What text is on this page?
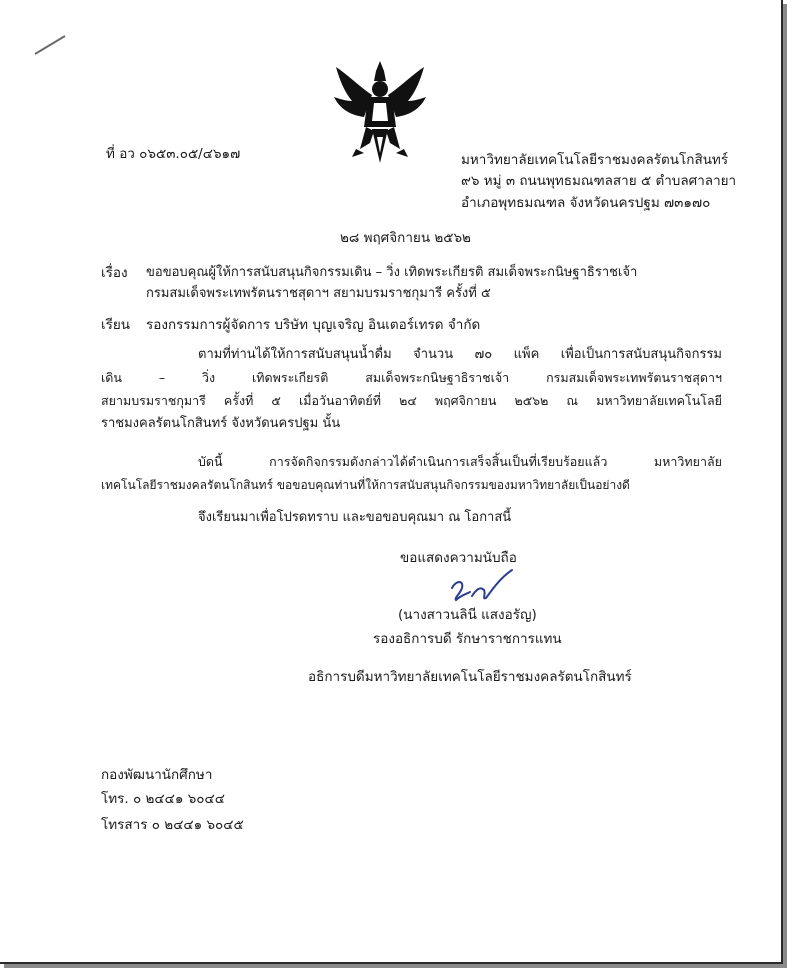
ที่ อว ๐๖๕๓.๐๕/๔๖๑๗	มหาวิทยาลัยเทคโนโลยีราชมงคลรัตนโกสินทร์
๙๖ หมู่ ๓ ถนนพุทธมณฑลสาย ๕ ตำบลศาลายา
อำเภอพุทธมณฑล จังหวัดนครปฐม ๗๓๑๗๐
๒๘ พฤศจิกายน ๒๕๖๒
เรื่อง ขอขอบคุณผู้ให้การสนับสนุนกิจกรรมเดิน – วิ่ง เทิดพระเกียรติ สมเด็จพระกนิษฐาธิราชเจ้า
กรมสมเด็จพระเทพรัตนราชสุดาฯ สยามบรมราชกุมารี ครั้งที่ ๕
เรียน รองกรรมการผู้จัดการ บริษัท บุญเจริญ อินเตอร์เทรด จำกัด
ตามที่ท่านได้ให้การสนับสนุนน้ำดื่ม จำนวน ๗๐ แพ็ค เพื่อเป็นการสนับสนุนกิจกรรม
เดิน – วิ่ง เทิดพระเกียรติ สมเด็จพระกนิษฐาธิราชเจ้า กรมสมเด็จพระเทพรัตนราชสุดาฯ
สยามบรมราชกุมารี ครั้งที่ ๕ เมื่อวันอาทิตย์ที่ ๒๔ พฤศจิกายน ๒๕๖๒ ณ มหาวิทยาลัยเทคโนโลยี
ราชมงคลรัตนโกสินทร์ จังหวัดนครปฐม นั้น
บัดนี้ การจัดกิจกรรมดังกล่าวได้ดำเนินการเสร็จสิ้นเป็นที่เรียบร้อยแล้ว มหาวิทยาลัย
เทคโนโลยีราชมงคลรัตนโกสินทร์ ขอขอบคุณท่านที่ให้การสนับสนุนกิจกรรมของมหาวิทยาลัยเป็นอย่างดี
จึงเรียนมาเพื่อโปรดทราบ และขอขอบคุณมา ณ โอกาสนี้
ขอแสดงความนับถือ
(นางสาวนลินี แสงอรัญ)
รองอธิการบดี รักษาราชการแทน
อธิการบดีมหาวิทยาลัยเทคโนโลยีราชมงคลรัตนโกสินทร์
กองพัฒนานักศึกษา
โทร. ๐ ๒๔๔๑ ๖๐๔๔
โทรสาร ๐ ๒๔๔๑ ๖๐๔๕
